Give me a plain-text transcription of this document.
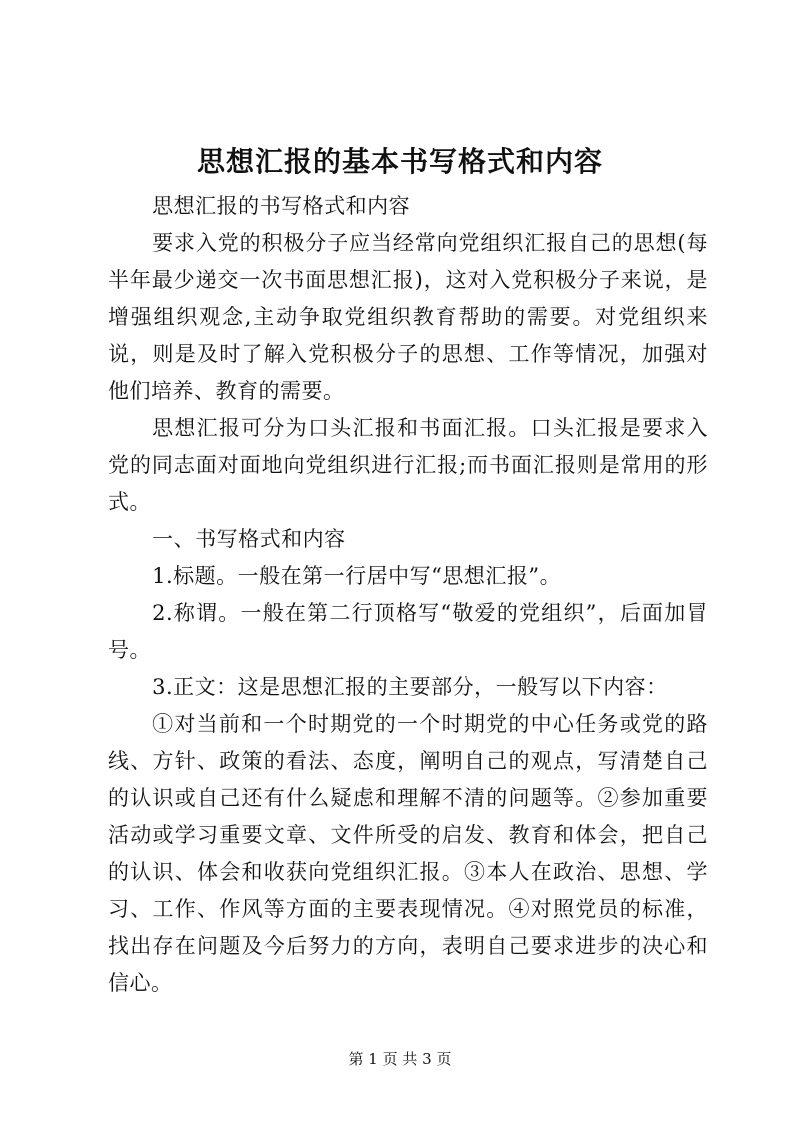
思想汇报的基本书写格式和内容

思想汇报的书写格式和内容

要求入党的积极分子应当经常向党组织汇报自己的思想(每半年最少递交一次书面思想汇报)，这对入党积极分子来说，是增强组织观念,主动争取党组织教育帮助的需要。对党组织来说，则是及时了解入党积极分子的思想、工作等情况，加强对他们培养、教育的需要。

思想汇报可分为口头汇报和书面汇报。口头汇报是要求入党的同志面对面地向党组织进行汇报;而书面汇报则是常用的形式。

一、书写格式和内容

1.标题。一般在第一行居中写“思想汇报”。

2.称谓。一般在第二行顶格写“敬爱的党组织”，后面加冒号。

3.正文：这是思想汇报的主要部分，一般写以下内容：

①对当前和一个时期党的一个时期党的中心任务或党的路线、方针、政策的看法、态度，阐明自己的观点，写清楚自己的认识或自己还有什么疑虑和理解不清的问题等。②参加重要活动或学习重要文章、文件所受的启发、教育和体会，把自己的认识、体会和收获向党组织汇报。③本人在政治、思想、学习、工作、作风等方面的主要表现情况。④对照党员的标准，找出存在问题及今后努力的方向，表明自己要求进步的决心和信心。

第 1 页 共 3 页
